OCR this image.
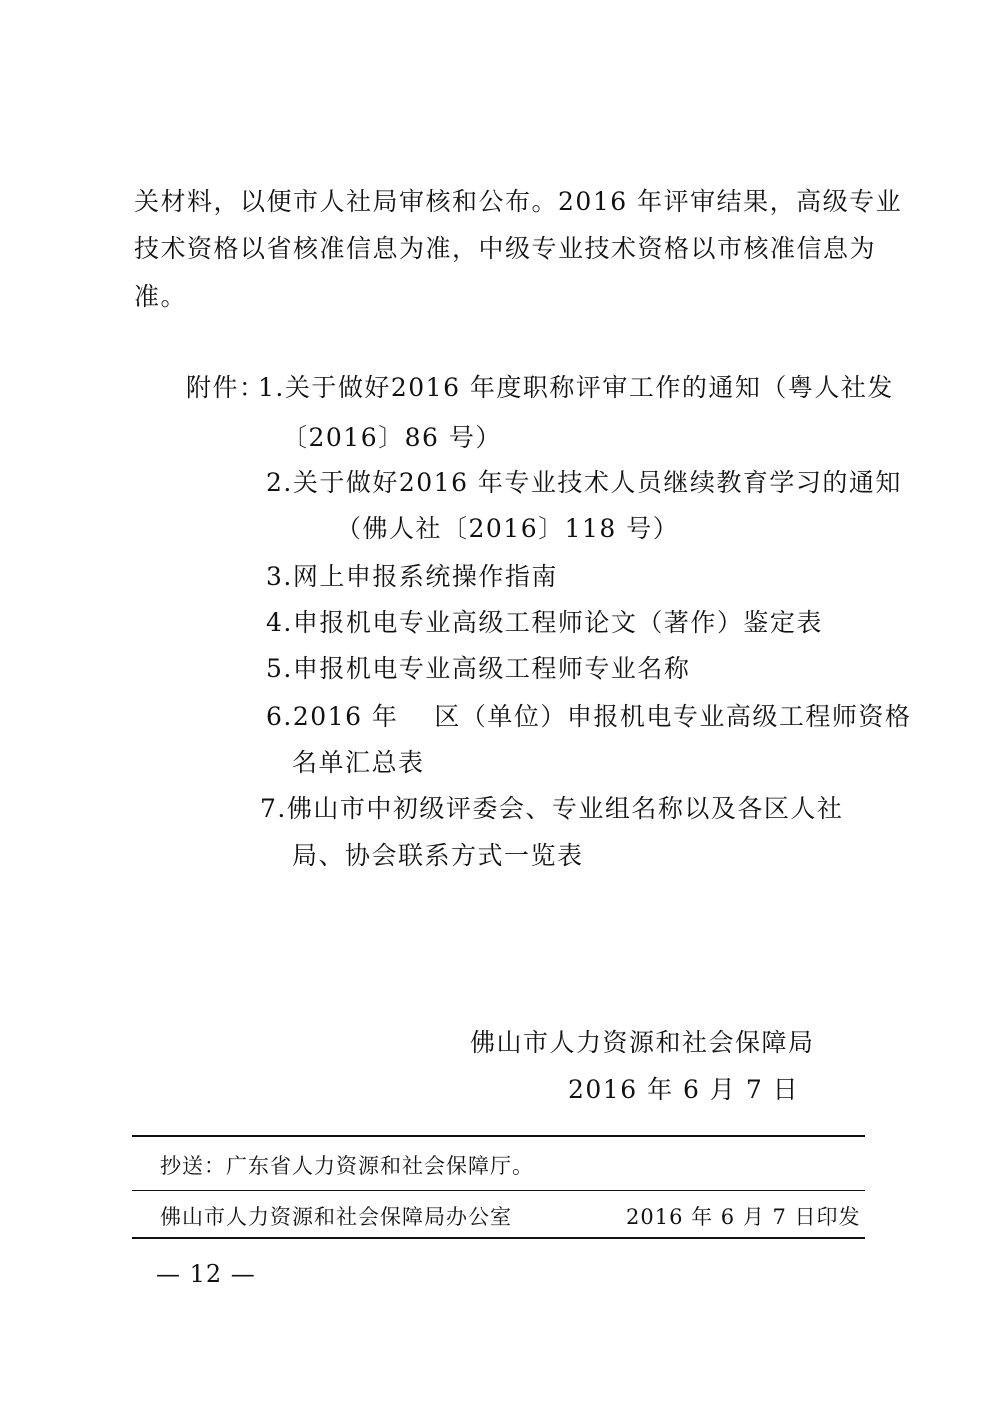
关材料，以便市人社局审核和公布。2016 年评审结果，高级专业
技术资格以省核准信息为准，中级专业技术资格以市核准信息为
准。
附件：
1.关于做好2016 年度职称评审工作的通知（粤人社发
〔2016〕86 号）
2.关于做好2016 年专业技术人员继续教育学习的通知
（佛人社〔2016〕118 号）
3.网上申报系统操作指南
4.申报机电专业高级工程师论文（著作）鉴定表
5.申报机电专业高级工程师专业名称
6.2016 年　 区（单位）申报机电专业高级工程师资格
名单汇总表
7.佛山市中初级评委会、专业组名称以及各区人社
局、协会联系方式一览表
佛山市人力资源和社会保障局
2016 年 6 月 7 日
抄送：广东省人力资源和社会保障厅。
佛山市人力资源和社会保障局办公室	2016 年 6 月 7 日印发
— 12 —
